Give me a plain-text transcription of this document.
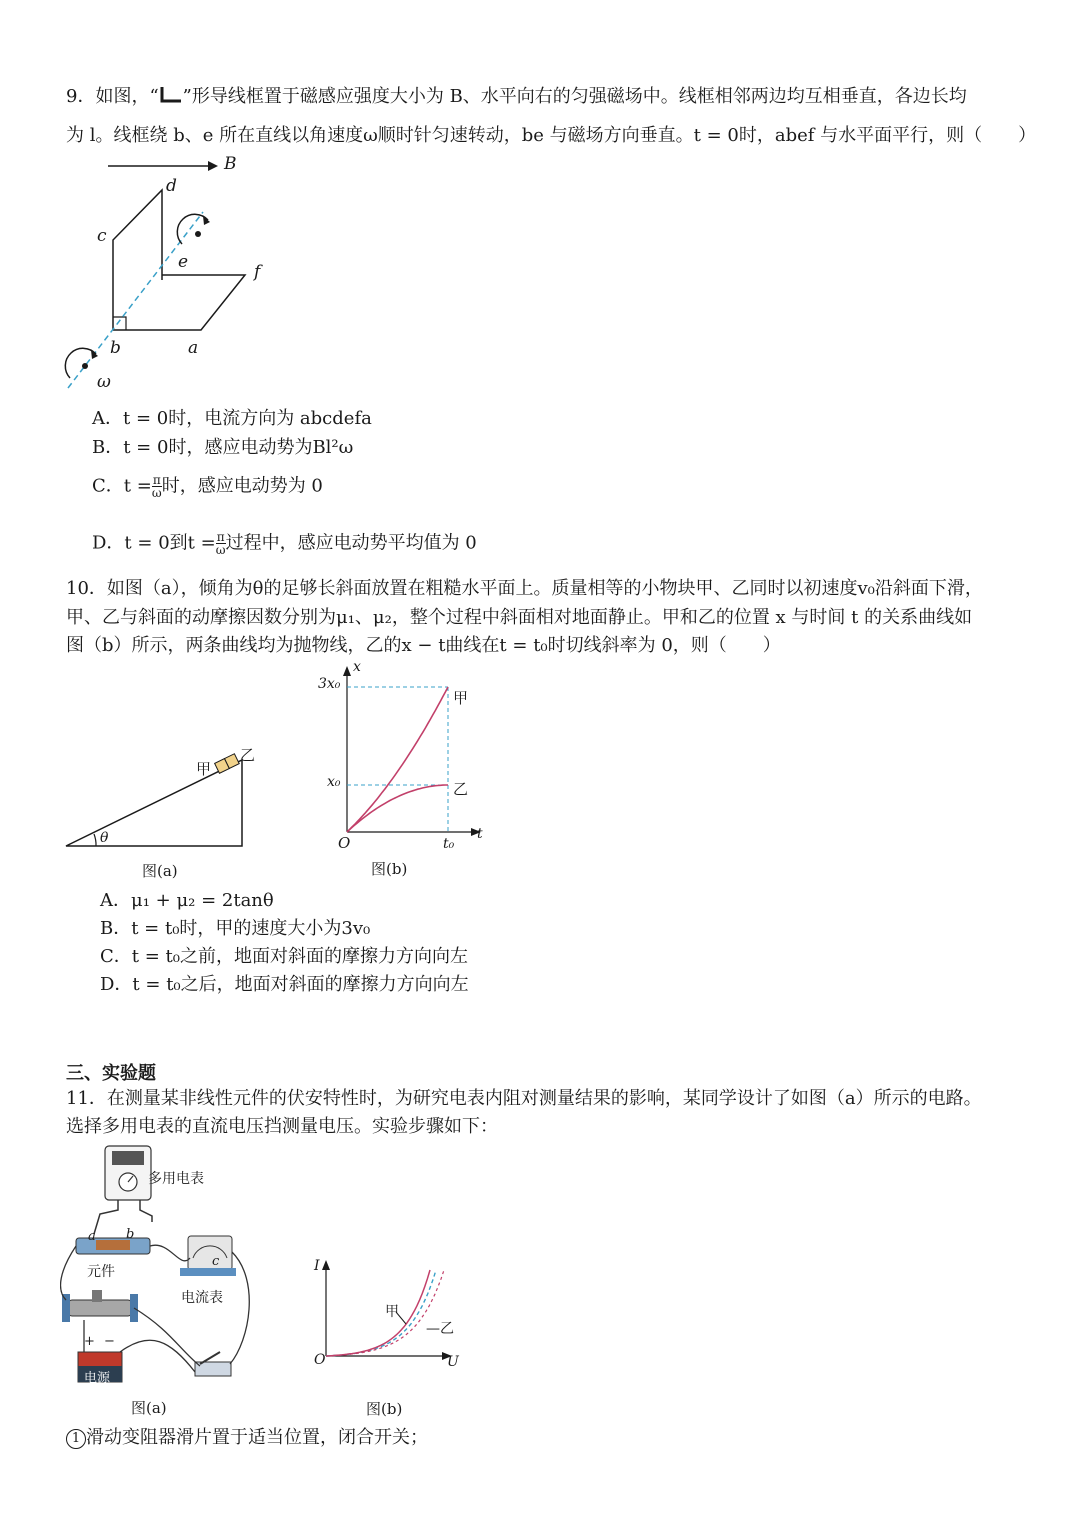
9．如图，“ ”形导线框置于磁感应强度大小为 B、水平向右的匀强磁场中。线框相邻两边均互相垂直，各边长均
为 l。线框绕 b、e 所在直线以角速度ω顺时针匀速转动，be 与磁场方向垂直。t = 0时，abef 与水平面平行，则（　　）
B
d
c
e	f
b	a
ω
A．t = 0时，电流方向为 abcdefa
B．t = 0时，感应电动势为Bl²ω
C．$t = \frac{\pi}{\omega}$ 时，感应电动势为 0
D．t = 0到$t = \frac{\pi}{\omega}$ 过程中，感应电动势平均值为 0
10．如图（a），倾角为θ的足够长斜面放置在粗糙水平面上。质量相等的小物块甲、乙同时以初速度v₀沿斜面下滑，
甲、乙与斜面的动摩擦因数分别为μ₁、μ₂，整个过程中斜面相对地面静止。甲和乙的位置 x 与时间 t 的关系曲线如
图（b）所示，两条曲线均为抛物线，乙的x − t曲线在t = t₀时切线斜率为 0，则（　　）
θ
甲
乙
图(a)
x
3x₀
x₀
O	t₀
t
甲
乙
图(b)
A．μ₁ + μ₂ = 2tanθ
B．t = t₀时，甲的速度大小为3v₀
C．t = t₀之前，地面对斜面的摩擦力方向向左
D．t = t₀之后，地面对斜面的摩擦力方向向左
三、实验题
11．在测量某非线性元件的伏安特性时，为研究电表内阻对测量结果的影响，某同学设计了如图（a）所示的电路。
选择多用电表的直流电压挡测量电压。实验步骤如下：
多用电表
a b
c
元件
电流表
+ −
电源
图(a)
I
O	U
甲
—乙
图(b)
1 滑动变阻器滑片置于适当位置，闭合开关；
